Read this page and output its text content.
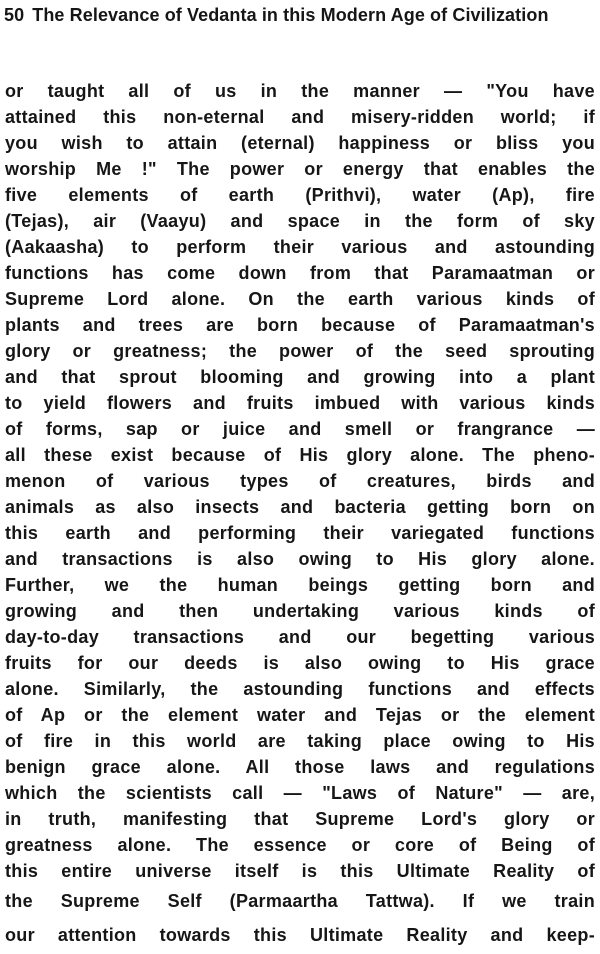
50 The Relevance of Vedanta in this Modern Age of Civilization
or taught all of us in the manner — "You have
attained this non-eternal and misery-ridden world; if
you wish to attain (eternal) happiness or bliss you
worship Me !" The power or energy that enables the
five elements of earth (Prithvi), water (Ap), fire
(Tejas), air (Vaayu) and space in the form of sky
(Aakaasha) to perform their various and astounding
functions has come down from that Paramaatman or
Supreme Lord alone. On the earth various kinds of
plants and trees are born because of Paramaatman's
glory or greatness; the power of the seed sprouting
and that sprout blooming and growing into a plant
to yield flowers and fruits imbued with various kinds
of forms, sap or juice and smell or frangrance —
all these exist because of His glory alone. The pheno-
menon of various types of creatures, birds and
animals as also insects and bacteria getting born on
this earth and performing their variegated functions
and transactions is also owing to His glory alone.
Further, we the human beings getting born and
growing and then undertaking various kinds of
day-to-day transactions and our begetting various
fruits for our deeds is also owing to His grace
alone. Similarly, the astounding functions and effects
of Ap or the element water and Tejas or the element
of fire in this world are taking place owing to His
benign grace alone. All those laws and regulations
which the scientists call — "Laws of Nature" — are,
in truth, manifesting that Supreme Lord's glory or
greatness alone. The essence or core of Being of
this entire universe itself is this Ultimate Reality of
the Supreme Self (Parmaartha Tattwa). If we train
our attention towards this Ultimate Reality and keep-
